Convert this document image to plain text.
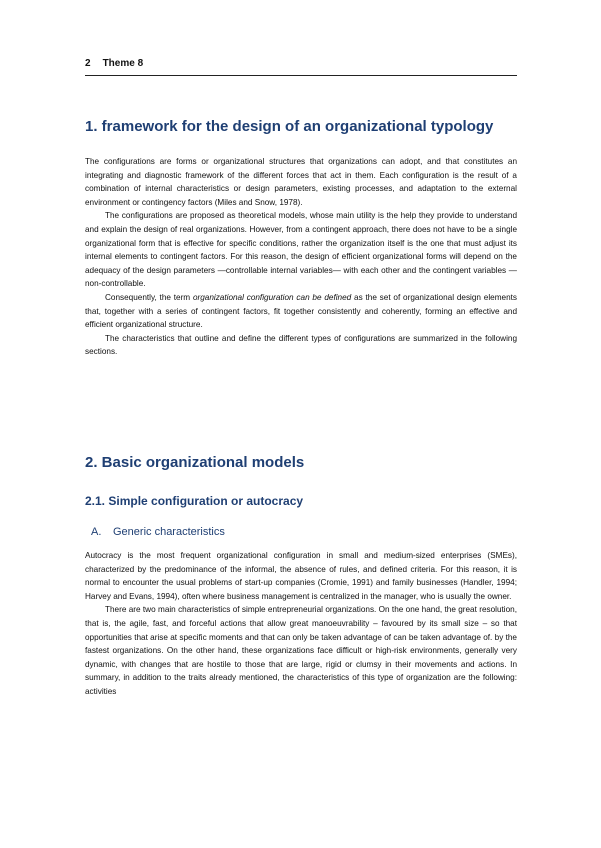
2 Theme 8
1. framework for the design of an organizational typology

The configurations are forms or organizational structures that organizations can adopt, and that constitutes an integrating and diagnostic framework of the different forces that act in them. Each configuration is the result of a combination of internal characteristics or design parameters, existing processes, and adaptation to the external environment or contingency factors (Miles and Snow, 1978).

The configurations are proposed as theoretical models, whose main utility is the help they provide to understand and explain the design of real organizations. However, from a contingent approach, there does not have to be a single organizational form that is effective for specific conditions, rather the organization itself is the one that must adjust its internal elements to contingent factors. For this reason, the design of efficient organizational forms will depend on the adequacy of the design parameters —controllable internal variables— with each other and the contingent variables —non-controllable.

Consequently, the term organizational configuration can be defined as the set of organizational design elements that, together with a series of contingent factors, fit together consistently and coherently, forming an effective and efficient organizational structure.

The characteristics that outline and define the different types of configurations are summarized in the following sections.

2. Basic organizational models
2.1. Simple configuration or autocracy
A. Generic characteristics

Autocracy is the most frequent organizational configuration in small and medium-sized enterprises (SMEs), characterized by the predominance of the informal, the absence of rules, and defined criteria. For this reason, it is normal to encounter the usual problems of start-up companies (Cromie, 1991) and family businesses (Handler, 1994; Harvey and Evans, 1994), often where business management is centralized in the manager, who is usually the owner.

There are two main characteristics of simple entrepreneurial organizations. On the one hand, the great resolution, that is, the agile, fast, and forceful actions that allow great manoeuvrability – favoured by its small size – so that opportunities that arise at specific moments and that can only be taken advantage of can be taken advantage of. by the fastest organizations. On the other hand, these organizations face difficult or high-risk environments, generally very dynamic, with changes that are hostile to those that are large, rigid or clumsy in their movements and actions. In summary, in addition to the traits already mentioned, the characteristics of this type of organization are the following: activities
